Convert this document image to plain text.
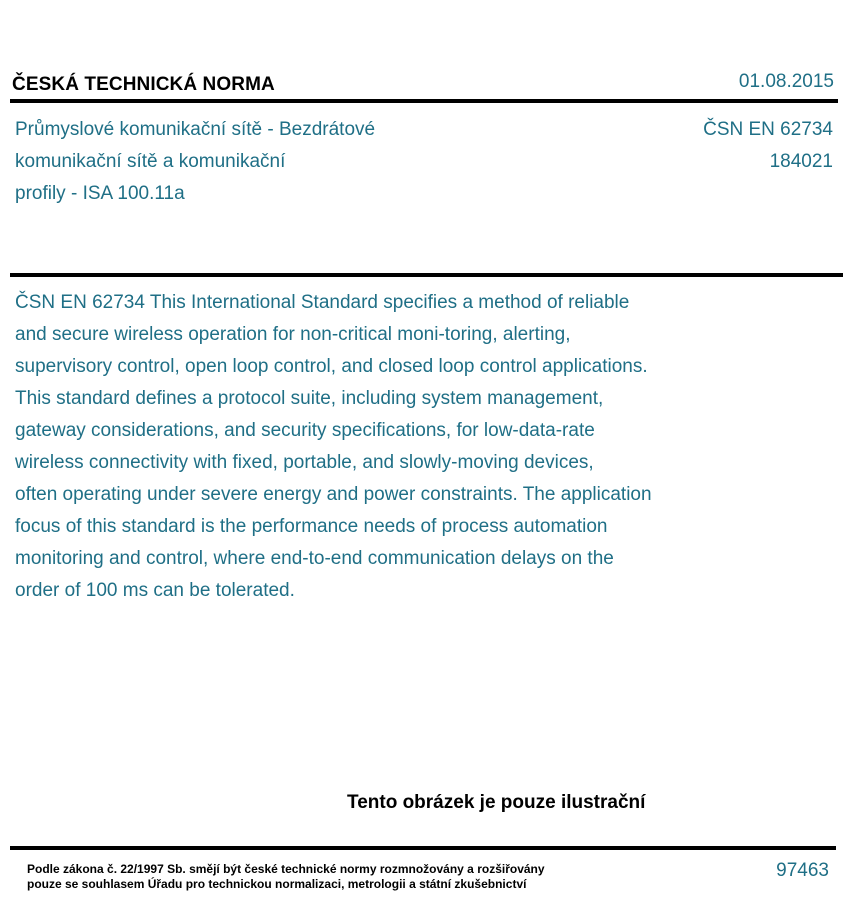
ČESKÁ TECHNICKÁ NORMA	01.08.2015
Průmyslové komunikační sítě - Bezdrátové
komunikační sítě a komunikační
profily - ISA 100.11a
ČSN EN 62734
184021
ČSN EN 62734 This International Standard specifies a method of reliable
and secure wireless operation for non-critical moni-toring, alerting,
supervisory control, open loop control, and closed loop control applications.
This standard defines a protocol suite, including system management,
gateway considerations, and security specifications, for low-data-rate
wireless connectivity with fixed, portable, and slowly-moving devices,
often operating under severe energy and power constraints. The application
focus of this standard is the performance needs of process automation
monitoring and control, where end-to-end communication delays on the
order of 100 ms can be tolerated.
Tento obrázek je pouze ilustrační
Podle zákona č. 22/1997 Sb. smějí být české technické normy rozmnožovány a rozšiřovány
pouze se souhlasem Úřadu pro technickou normalizaci, metrologii a státní zkušebnictví
97463
